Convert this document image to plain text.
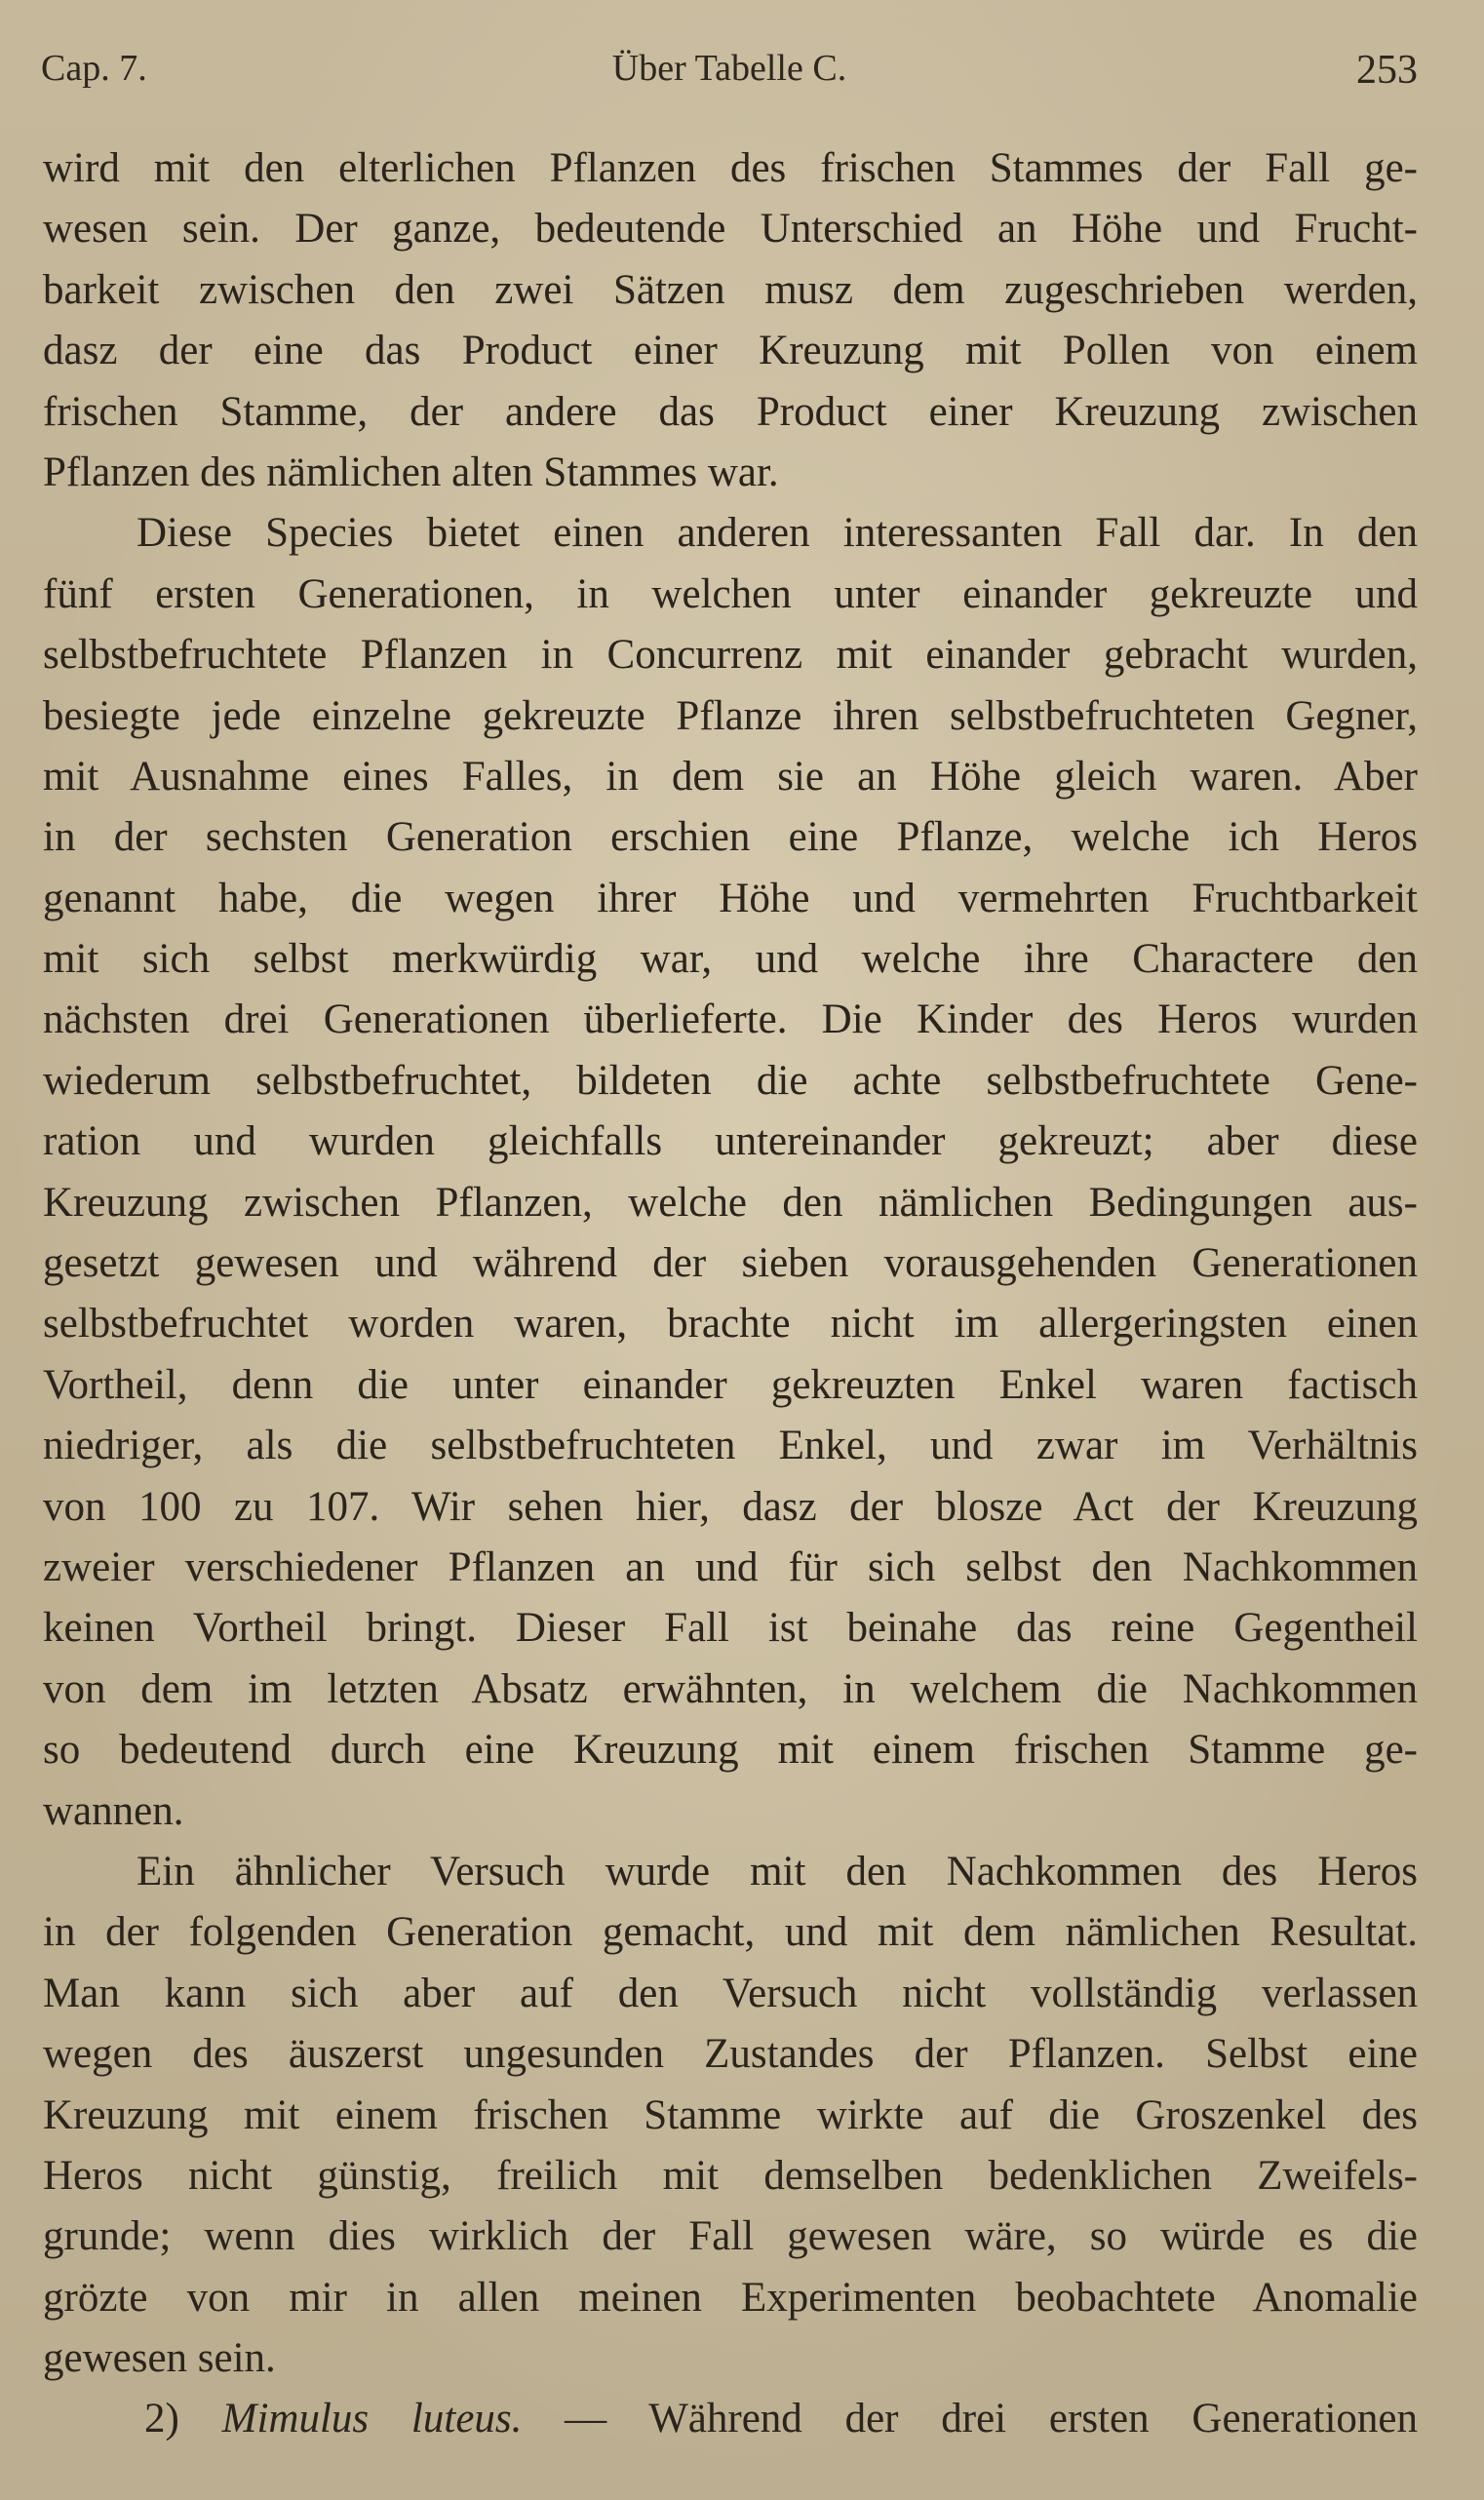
Cap. 7.	Über Tabelle C.	253
wird mit den elterlichen Pflanzen des frischen Stammes der Fall ge-
wesen sein. Der ganze, bedeutende Unterschied an Höhe und Frucht-
barkeit zwischen den zwei Sätzen musz dem zugeschrieben werden,
dasz der eine das Product einer Kreuzung mit Pollen von einem
frischen Stamme, der andere das Product einer Kreuzung zwischen
Pflanzen des nämlichen alten Stammes war.
Diese Species bietet einen anderen interessanten Fall dar. In den
fünf ersten Generationen, in welchen unter einander gekreuzte und
selbstbefruchtete Pflanzen in Concurrenz mit einander gebracht wurden,
besiegte jede einzelne gekreuzte Pflanze ihren selbstbefruchteten Gegner,
mit Ausnahme eines Falles, in dem sie an Höhe gleich waren. Aber
in der sechsten Generation erschien eine Pflanze, welche ich Heros
genannt habe, die wegen ihrer Höhe und vermehrten Fruchtbarkeit
mit sich selbst merkwürdig war, und welche ihre Charactere den
nächsten drei Generationen überlieferte. Die Kinder des Heros wurden
wiederum selbstbefruchtet, bildeten die achte selbstbefruchtete Gene-
ration und wurden gleichfalls untereinander gekreuzt; aber diese
Kreuzung zwischen Pflanzen, welche den nämlichen Bedingungen aus-
gesetzt gewesen und während der sieben vorausgehenden Generationen
selbstbefruchtet worden waren, brachte nicht im allergeringsten einen
Vortheil, denn die unter einander gekreuzten Enkel waren factisch
niedriger, als die selbstbefruchteten Enkel, und zwar im Verhältnis
von 100 zu 107. Wir sehen hier, dasz der blosze Act der Kreuzung
zweier verschiedener Pflanzen an und für sich selbst den Nachkommen
keinen Vortheil bringt. Dieser Fall ist beinahe das reine Gegentheil
von dem im letzten Absatz erwähnten, in welchem die Nachkommen
so bedeutend durch eine Kreuzung mit einem frischen Stamme ge-
wannen.
Ein ähnlicher Versuch wurde mit den Nachkommen des Heros
in der folgenden Generation gemacht, und mit dem nämlichen Resultat.
Man kann sich aber auf den Versuch nicht vollständig verlassen
wegen des äuszerst ungesunden Zustandes der Pflanzen. Selbst eine
Kreuzung mit einem frischen Stamme wirkte auf die Groszenkel des
Heros nicht günstig, freilich mit demselben bedenklichen Zweifels-
grunde; wenn dies wirklich der Fall gewesen wäre, so würde es die
grözte von mir in allen meinen Experimenten beobachtete Anomalie
gewesen sein.
2) Mimulus luteus. — Während der drei ersten Generationen
